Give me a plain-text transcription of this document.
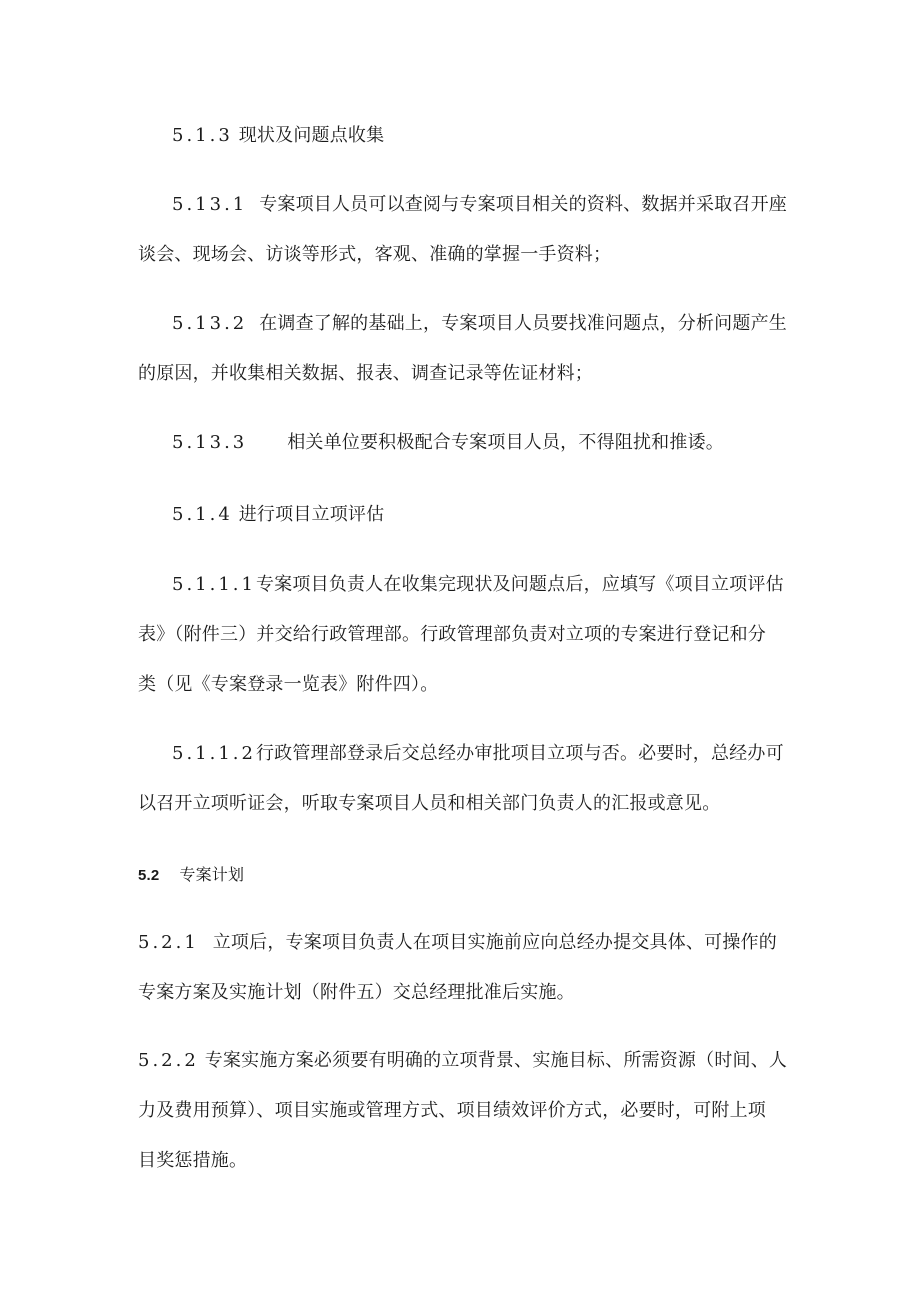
5.1.3 现状及问题点收集
5.13.1 专案项目人员可以查阅与专案项目相关的资料、数据并采取召开座
谈会、现场会、访谈等形式，客观、准确的掌握一手资料；
5.13.2 在调查了解的基础上，专案项目人员要找准问题点，分析问题产生
的原因，并收集相关数据、报表、调查记录等佐证材料；
5.13.3 相关单位要积极配合专案项目人员，不得阻扰和推诿。
5.1.4 进行项目立项评估
5.1.1.1专案项目负责人在收集完现状及问题点后，应填写《项目立项评估
表》（附件三）并交给行政管理部。行政管理部负责对立项的专案进行登记和分
类（见《专案登录一览表》附件四）。
5.1.1.2行政管理部登录后交总经办审批项目立项与否。必要时，总经办可
以召开立项听证会，听取专案项目人员和相关部门负责人的汇报或意见。
5.2 专案计划
5.2.1 立项后，专案项目负责人在项目实施前应向总经办提交具体、可操作的
专案方案及实施计划（附件五）交总经理批准后实施。
5.2.2 专案实施方案必须要有明确的立项背景、实施目标、所需资源（时间、人
力及费用预算）、项目实施或管理方式、项目绩效评价方式，必要时，可附上项
目奖惩措施。
